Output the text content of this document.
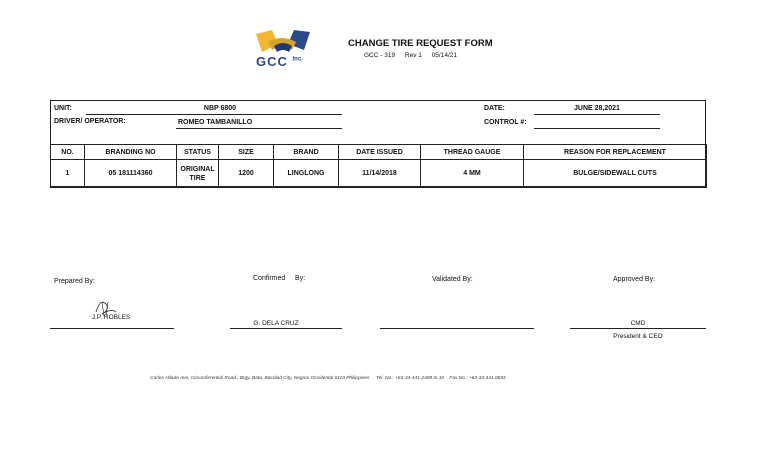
GCC $^{Inc.}$
CHANGE TIRE REQUEST FORM
GCC - 319 Rev 1 05/14/21
UNIT:	NBP 6800
DRIVER/ OPERATOR:	ROMEO TAMBANILLO
DATE:	JUNE 28,2021
CONTROL #:
NO.	BRANDING NO	STATUS	SIZE	BRAND	DATE ISSUED	THREAD GAUGE	REASON FOR REPLACEMENT
1	05 181114360	ORIGINAL TIRE	1200	LINGLONG	11/14/2018	4 MM	BULGE/SIDEWALL CUTS
Prepared By:
J.P. ROBLES
Confirmed By:
G. DELA CRUZ
Validated By:	Approved By:
CMD
President & CEO
Carlos Hilado Ave, Circumferential Road., Brgy. Bata, Bacolod City, Negros Occidental 6110 Philippines Tel. No.: +63-34-441-2409 to 10 Fax No.: +63-34-441.0693
